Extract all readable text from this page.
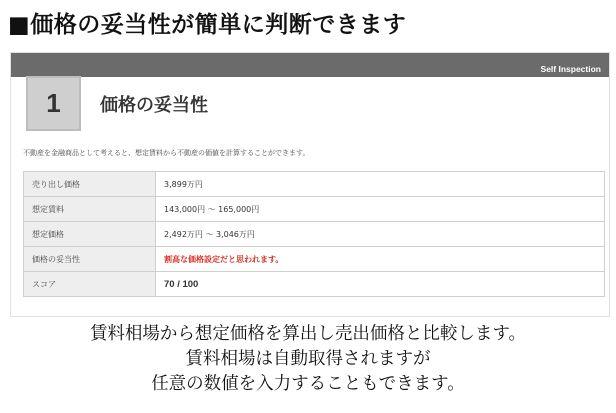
■価格の妥当性が簡単に判断できます
Self Inspection
1	価格の妥当性
不動産を金融商品として考えると、想定賃料から不動産の価値を計算することができます。
売り出し価格	3,899万円
想定賃料	143,000円 〜 165,000円
想定価格	2,492万円 〜 3,046万円
価格の妥当性	割高な価格設定だと思われます。
スコア	70 / 100
賃料相場から想定価格を算出し売出価格と比較します。
賃料相場は自動取得されますが
任意の数値を入力することもできます。
